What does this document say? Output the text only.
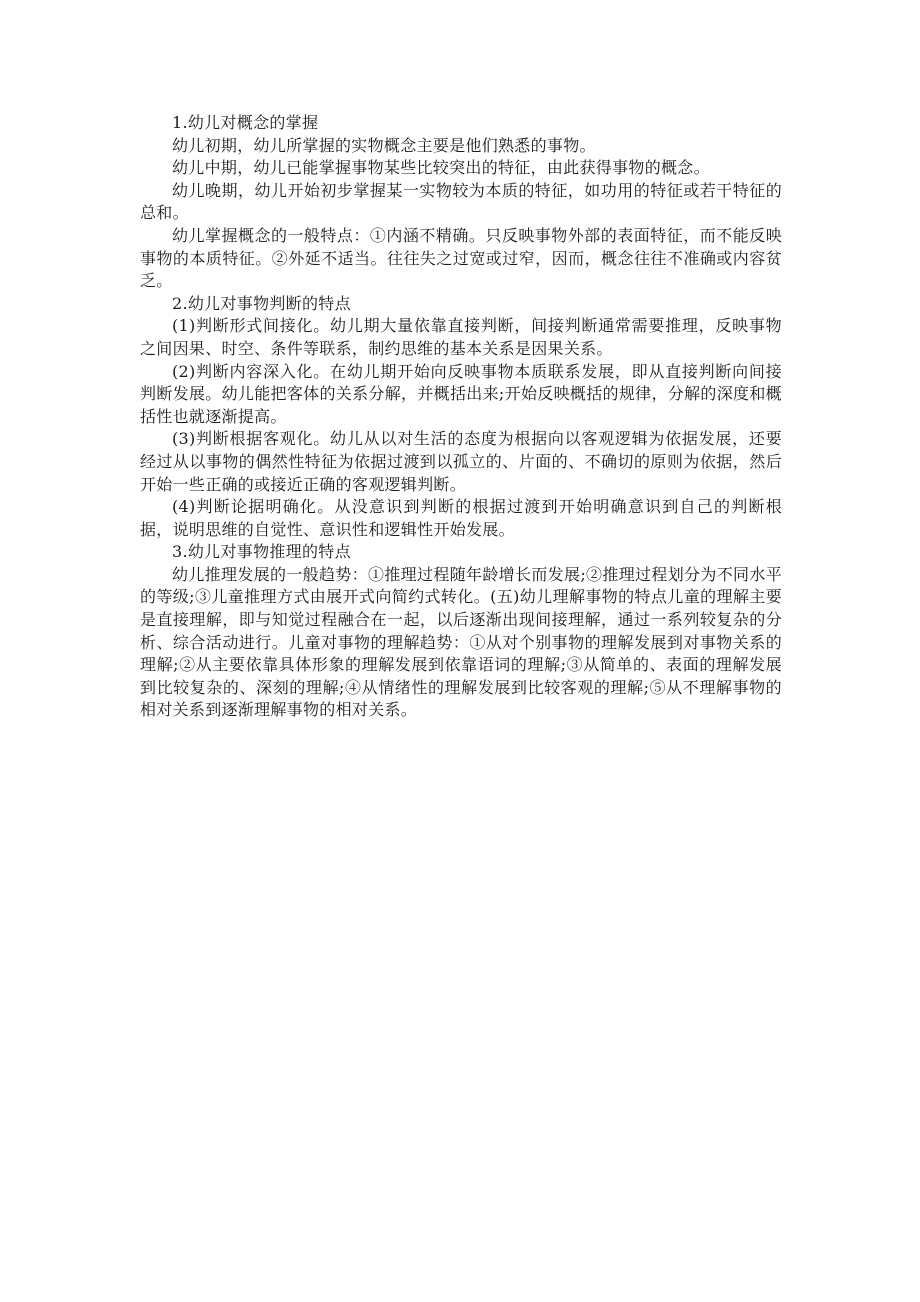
1.幼儿对概念的掌握

幼儿初期，幼儿所掌握的实物概念主要是他们熟悉的事物。

幼儿中期，幼儿已能掌握事物某些比较突出的特征，由此获得事物的概念。

幼儿晚期，幼儿开始初步掌握某一实物较为本质的特征，如功用的特征或若干特征的总和。

幼儿掌握概念的一般特点：①内涵不精确。只反映事物外部的表面特征，而不能反映事物的本质特征。②外延不适当。往往失之过宽或过窄，因而，概念往往不准确或内容贫乏。

2.幼儿对事物判断的特点

(1)判断形式间接化。幼儿期大量依靠直接判断，间接判断通常需要推理，反映事物之间因果、时空、条件等联系，制约思维的基本关系是因果关系。

(2)判断内容深入化。在幼儿期开始向反映事物本质联系发展，即从直接判断向间接判断发展。幼儿能把客体的关系分解，并概括出来;开始反映概括的规律，分解的深度和概括性也就逐渐提高。

(3)判断根据客观化。幼儿从以对生活的态度为根据向以客观逻辑为依据发展，还要经过从以事物的偶然性特征为依据过渡到以孤立的、片面的、不确切的原则为依据，然后开始一些正确的或接近正确的客观逻辑判断。

(4)判断论据明确化。从没意识到判断的根据过渡到开始明确意识到自己的判断根据，说明思维的自觉性、意识性和逻辑性开始发展。

3.幼儿对事物推理的特点

幼儿推理发展的一般趋势：①推理过程随年龄增长而发展;②推理过程划分为不同水平的等级;③儿童推理方式由展开式向简约式转化。(五)幼儿理解事物的特点儿童的理解主要是直接理解，即与知觉过程融合在一起，以后逐渐出现间接理解，通过一系列较复杂的分析、综合活动进行。儿童对事物的理解趋势：①从对个别事物的理解发展到对事物关系的理解;②从主要依靠具体形象的理解发展到依靠语词的理解;③从简单的、表面的理解发展到比较复杂的、深刻的理解;④从情绪性的理解发展到比较客观的理解;⑤从不理解事物的相对关系到逐渐理解事物的相对关系。
